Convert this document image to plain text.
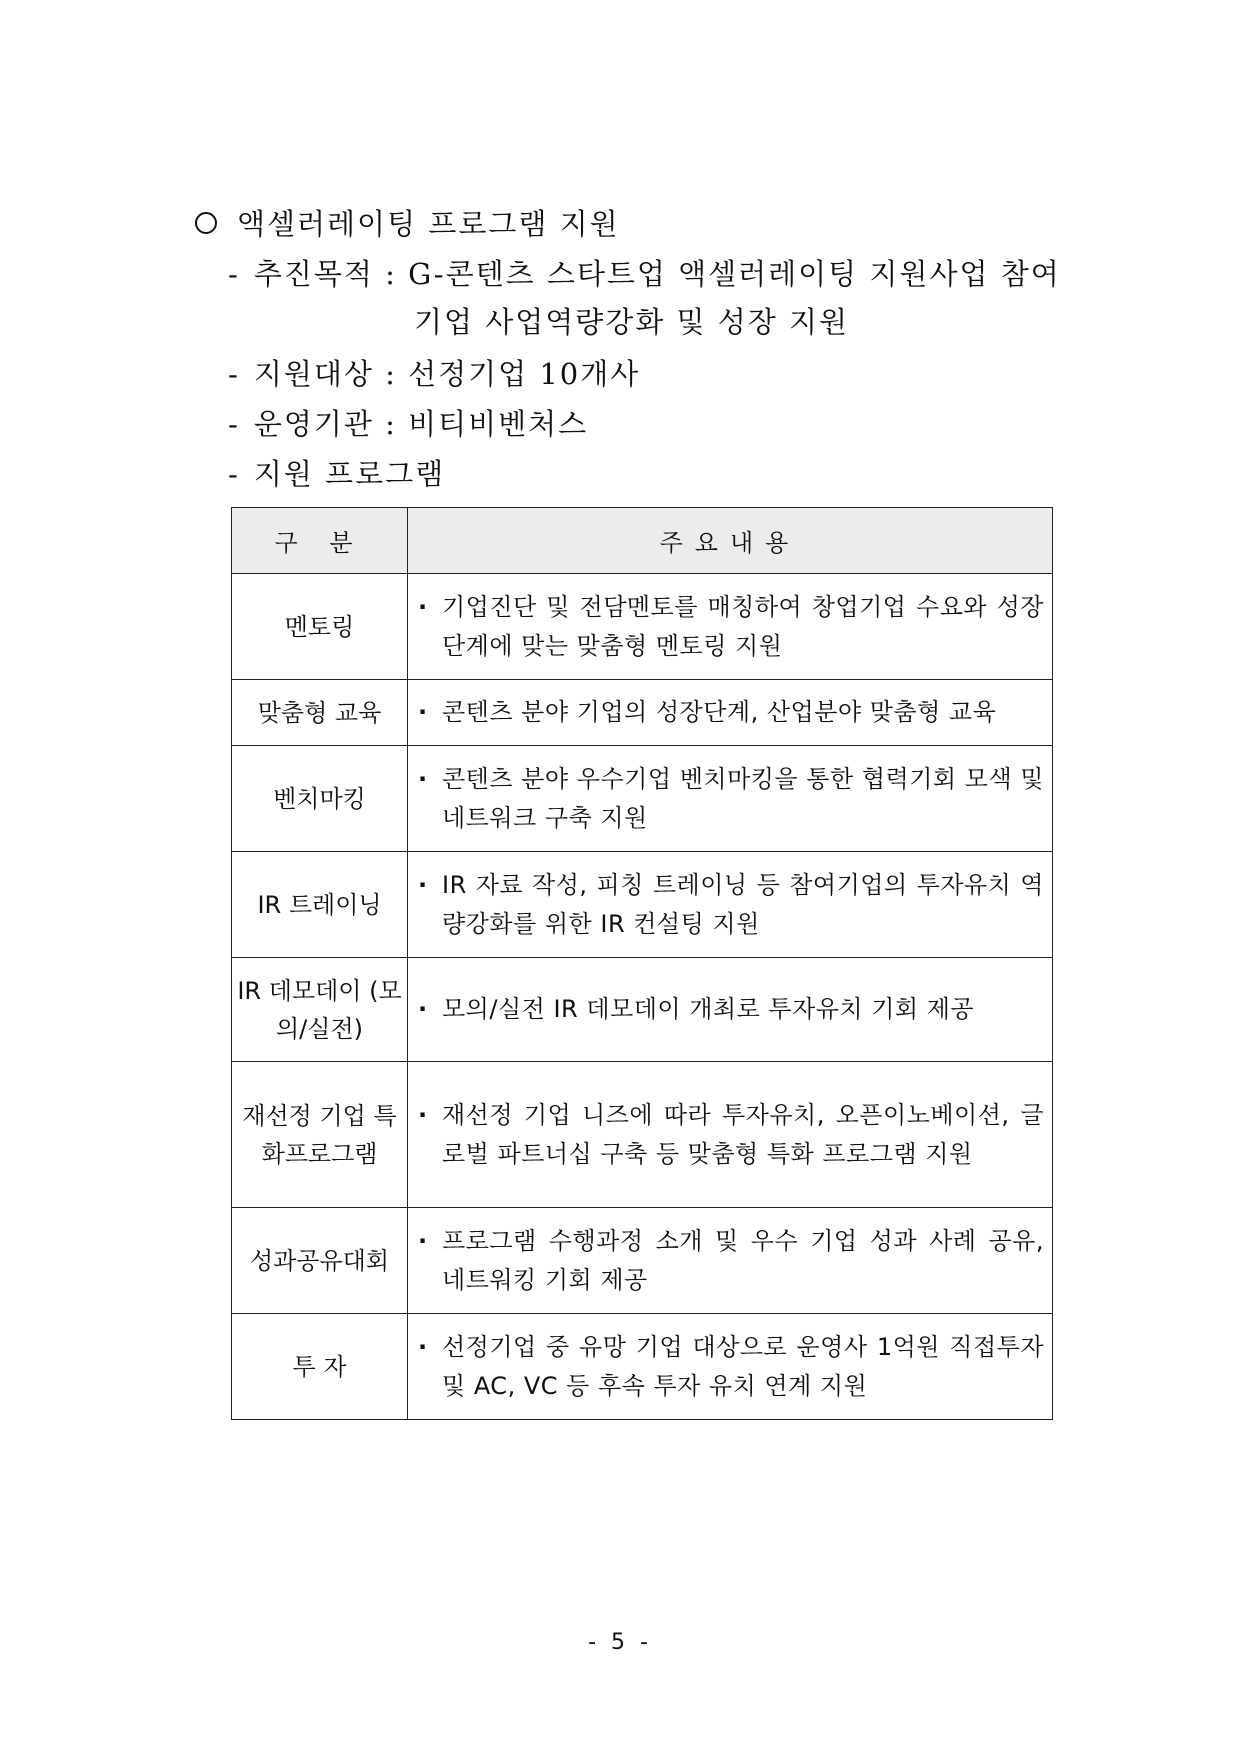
액셀러레이팅 프로그램 지원
- 추진목적 : G-콘텐츠 스타트업 액셀러레이팅 지원사업 참여
기업 사업역량강화 및 성장 지원
- 지원대상 : 선정기업 10개사
- 운영기관 : 비티비벤처스
- 지원 프로그램
구 분	주요내용
멘토링	· 기업진단 및 전담멘토를 매칭하여 창업기업 수요와 성장단계에 맞는 맞춤형 멘토링 지원

맞춤형 교육	· 콘텐츠 분야 기업의 성장단계, 산업분야 맞춤형 교육

벤치마킹	· 콘텐츠 분야 우수기업 벤치마킹을 통한 협력기회 모색 및 네트워크 구축 지원

IR 트레이닝	· IR 자료 작성, 피칭 트레이닝 등 참여기업의 투자유치 역량강화를 위한 IR 컨설팅 지원

IR 데모데이 (모의/실전)	· 모의/실전 IR 데모데이 개최로 투자유치 기회 제공

재선정 기업 특화프로그램	· 재선정 기업 니즈에 따라 투자유치, 오픈이노베이션, 글로벌 파트너십 구축 등 맞춤형 특화 프로그램 지원

성과공유대회	· 프로그램 수행과정 소개 및 우수 기업 성과 사례 공유, 네트워킹 기회 제공

투 자	· 선정기업 중 유망 기업 대상으로 운영사 1억원 직접투자 및 AC, VC 등 후속 투자 유치 연계 지원
- 5 -
